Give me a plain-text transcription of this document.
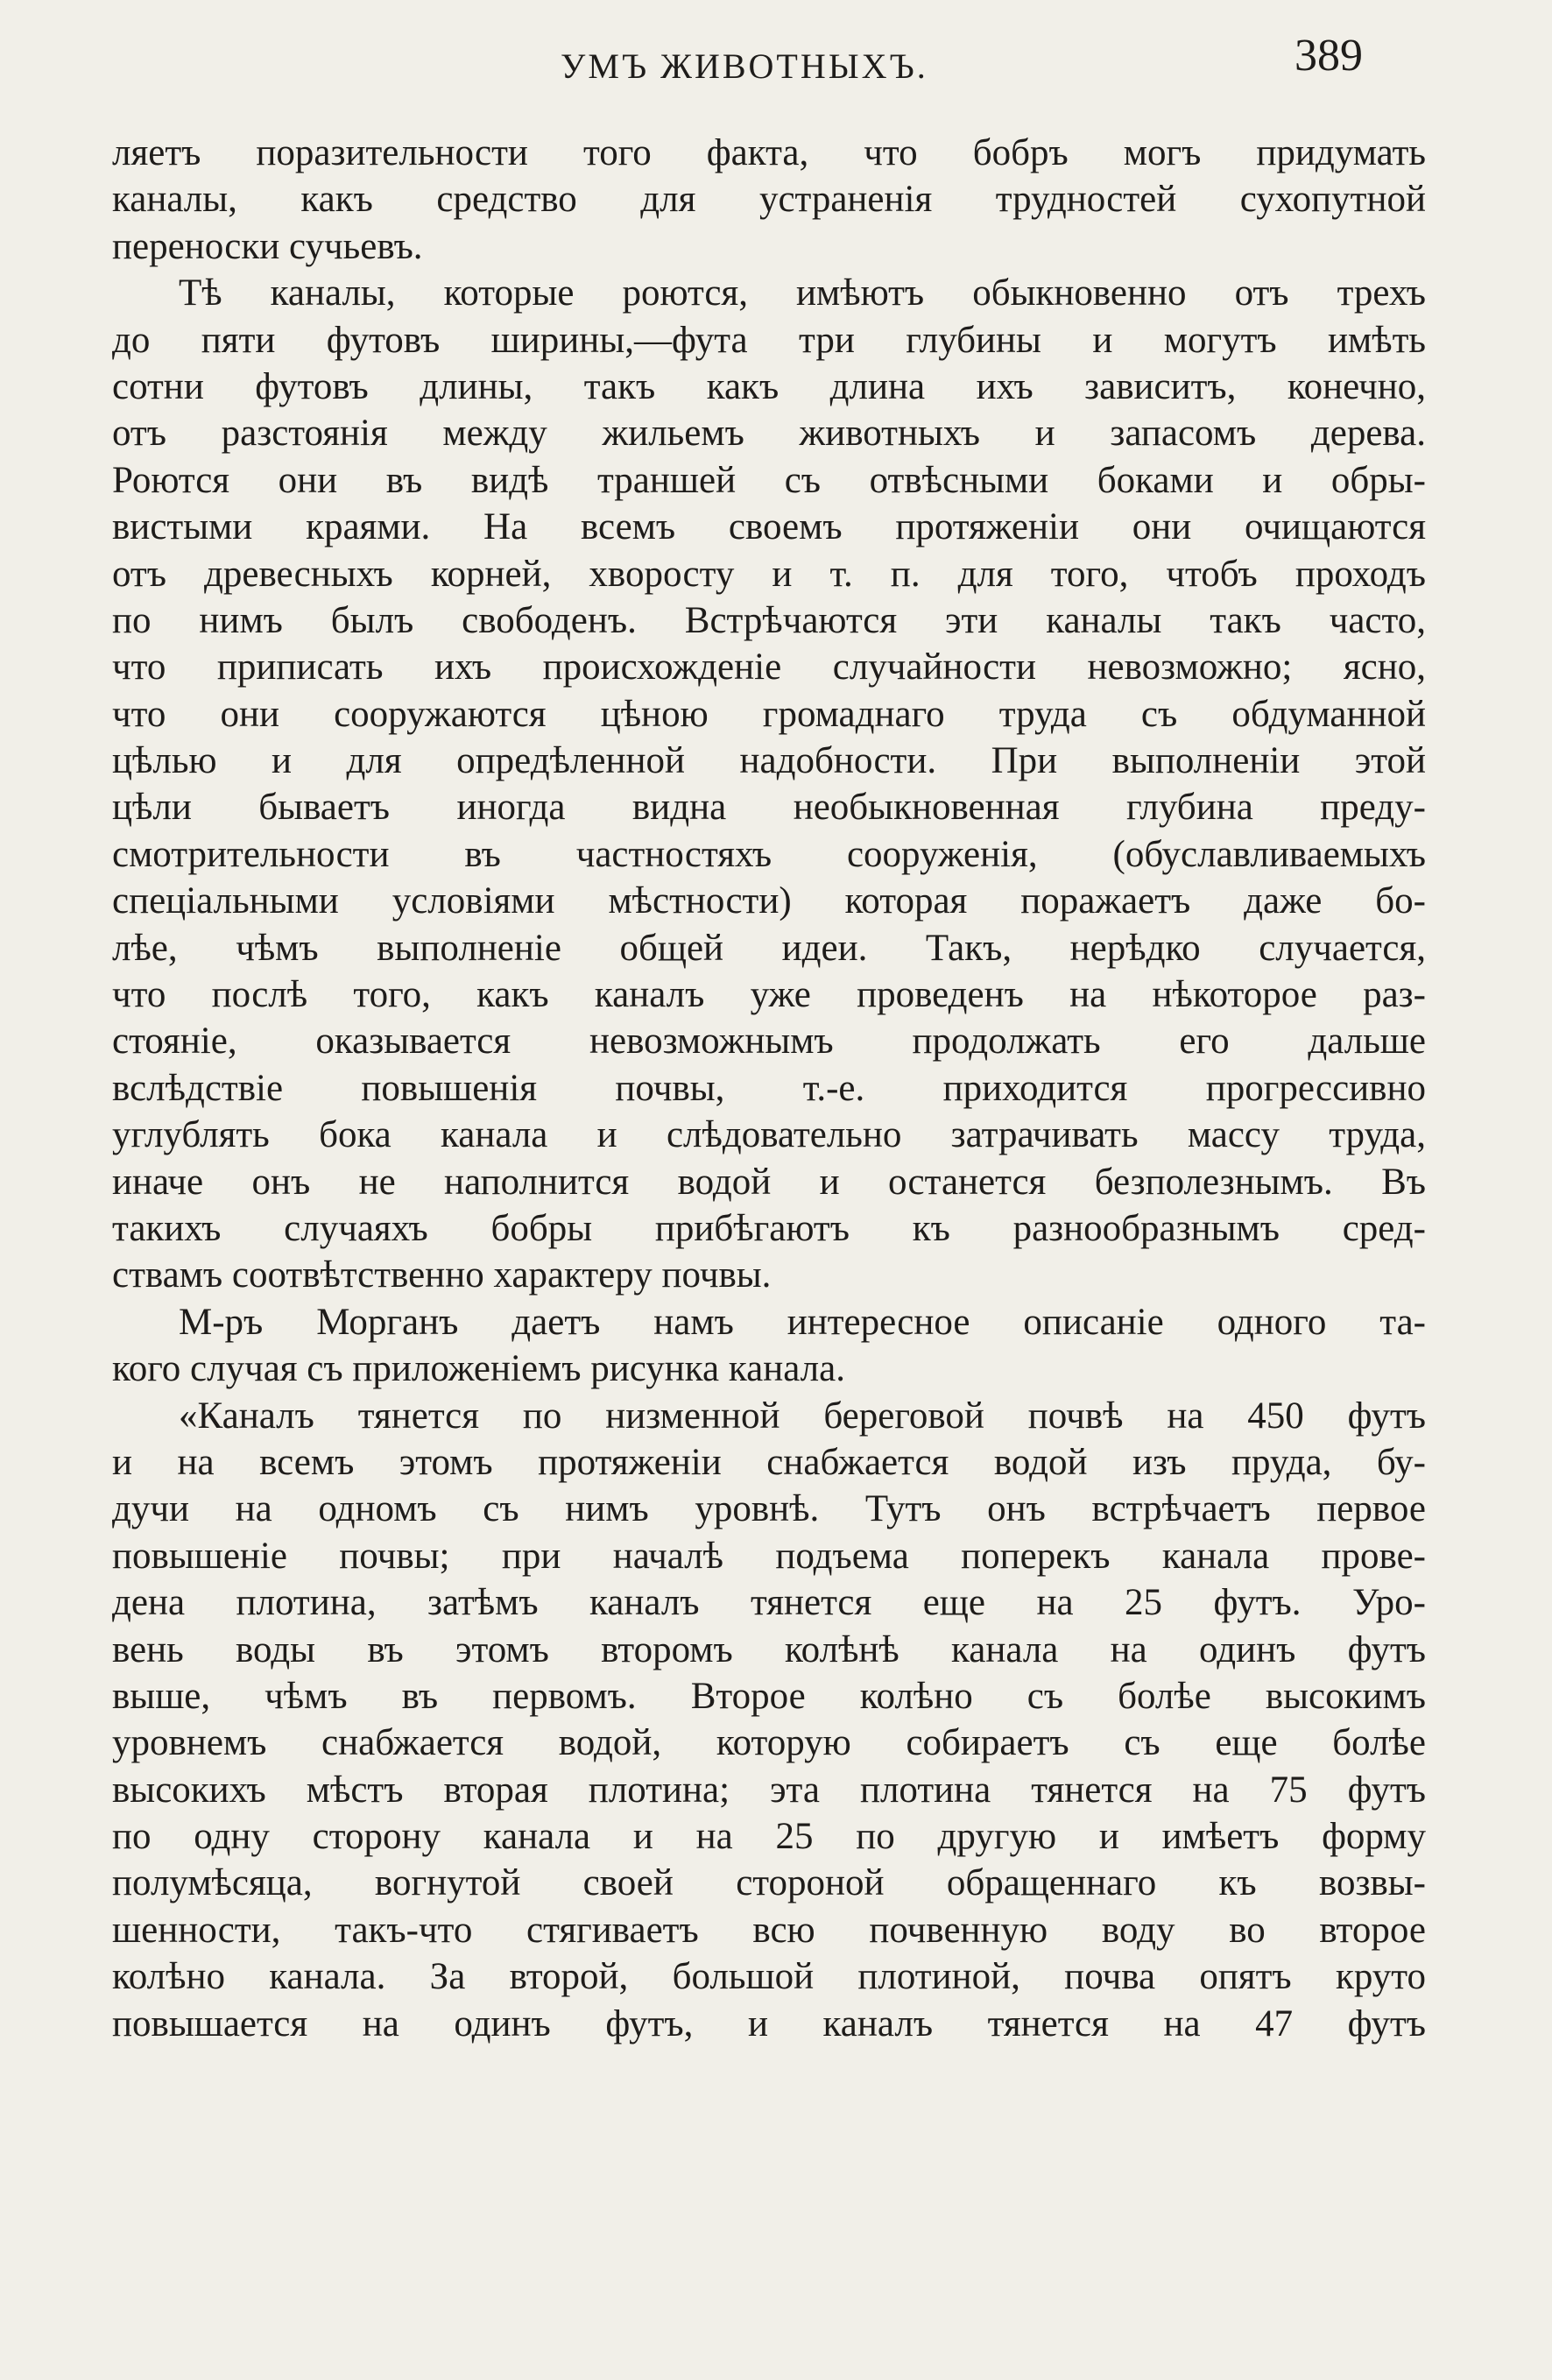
УМЪ ЖИВОТНЫХЪ.	389
ляетъ поразительности того факта, что бобръ могъ придумать
каналы, какъ средство для устраненія трудностей сухопутной
переноски сучьевъ.
Тѣ каналы, которые роются, имѣютъ обыкновенно отъ трехъ
до пяти футовъ ширины,—фута три глубины и могутъ имѣть
сотни футовъ длины, такъ какъ длина ихъ зависитъ, конечно,
отъ разстоянія между жильемъ животныхъ и запасомъ дерева.
Роются они въ видѣ траншей съ отвѣсными боками и обры-
вистыми краями. На всемъ своемъ протяженіи они очищаются
отъ древесныхъ корней, хворосту и т. п. для того, чтобъ проходъ
по нимъ былъ свободенъ. Встрѣчаются эти каналы такъ часто,
что приписать ихъ происхожденіе случайности невозможно; ясно,
что они сооружаются цѣною громаднаго труда съ обдуманной
цѣлью и для опредѣленной надобности. При выполненіи этой
цѣли бываетъ иногда видна необыкновенная глубина преду-
смотрительности въ частностяхъ сооруженія, (обуславливаемыхъ
спеціальными условіями мѣстности) которая поражаетъ даже бо-
лѣе, чѣмъ выполненіе общей идеи. Такъ, нерѣдко случается,
что послѣ того, какъ каналъ уже проведенъ на нѣкоторое раз-
стояніе, оказывается невозможнымъ продолжать его дальше
вслѣдствіе повышенія почвы, т.-е. приходится прогрессивно
углублять бока канала и слѣдовательно затрачивать массу труда,
иначе онъ не наполнится водой и останется безполезнымъ. Въ
такихъ случаяхъ бобры прибѣгаютъ къ разнообразнымъ сред-
ствамъ соотвѣтственно характеру почвы.
М-ръ Морганъ даетъ намъ интересное описаніе одного та-
кого случая съ приложеніемъ рисунка канала.
«Каналъ тянется по низменной береговой почвѣ на 450 футъ
и на всемъ этомъ протяженіи снабжается водой изъ пруда, бу-
дучи на одномъ съ нимъ уровнѣ. Тутъ онъ встрѣчаетъ первое
повышеніе почвы; при началѣ подъема поперекъ канала прове-
дена плотина, затѣмъ каналъ тянется еще на 25 футъ. Уро-
вень воды въ этомъ второмъ колѣнѣ канала на одинъ футъ
выше, чѣмъ въ первомъ. Второе колѣно съ болѣе высокимъ
уровнемъ снабжается водой, которую собираетъ съ еще болѣе
высокихъ мѣстъ вторая плотина; эта плотина тянется на 75 футъ
по одну сторону канала и на 25 по другую и имѣетъ форму
полумѣсяца, вогнутой своей стороной обращеннаго къ возвы-
шенности, такъ-что стягиваетъ всю почвенную воду во второе
колѣно канала. За второй, большой плотиной, почва опятъ круто
повышается на одинъ футъ, и каналъ тянется на 47 футъ
